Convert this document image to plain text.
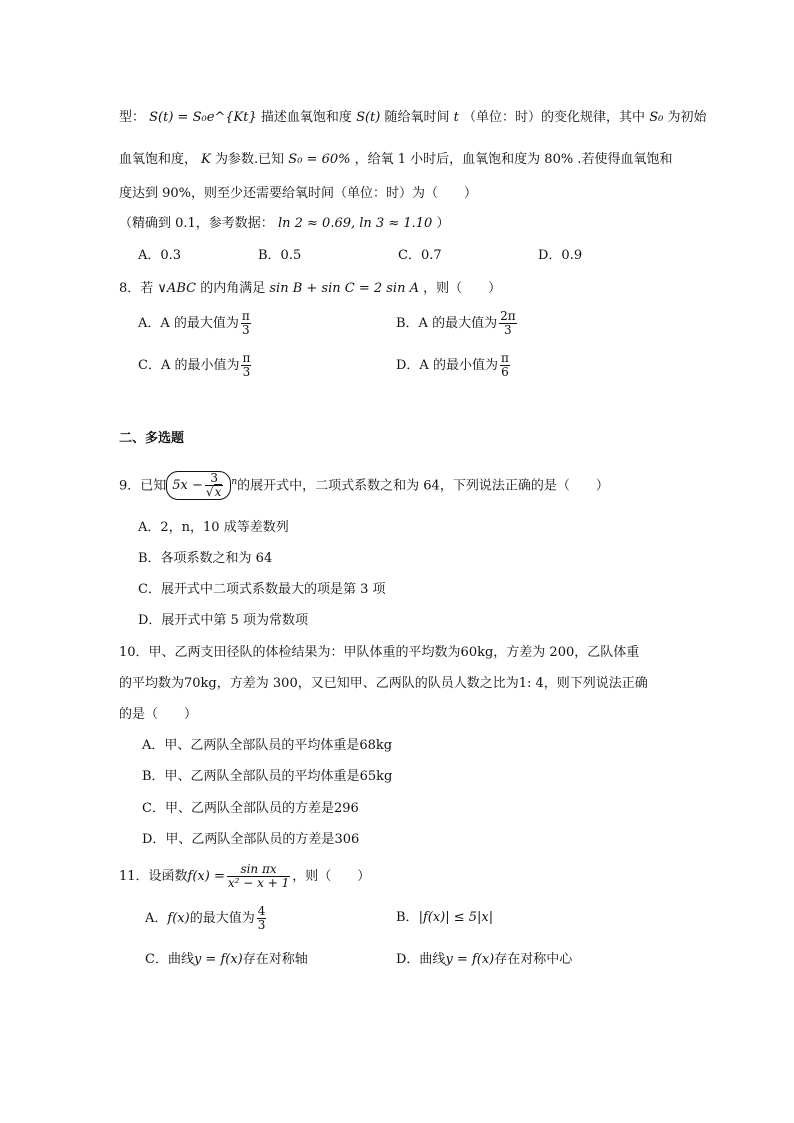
型： S(t) = S₀e^{Kt} 描述血氧饱和度 S(t) 随给氧时间 t （单位：时）的变化规律，其中 S₀ 为初始
血氧饱和度， K 为参数.已知 S₀ = 60% ，给氧 1 小时后，血氧饱和度为 80% .若使得血氧饱和
度达到 90%，则至少还需要给氧时间（单位：时）为（　　）
（精确到 0.1，参考数据： ln 2 ≈ 0.69, ln 3 ≈ 1.10 ）
A．0.3	B．0.5	C．0.7	D．0.9
8．若 ∨ABC 的内角满足 sin B + sin C = 2 sin A ，则（　　）
A．A 的最大值为 $\frac{\pi}{3}$	B．A 的最大值为 $\frac{2\pi}{3}$
C．A 的最小值为 $\frac{\pi}{3}$	D．A 的最小值为 $\frac{\pi}{6}$
二、多选题
9．已知 $5x - \frac{3}{√x} ^n$的展开式中，二项式系数之和为 64，下列说法正确的是（　　）
A．2，n，10 成等差数列
B．各项系数之和为 64
C．展开式中二项式系数最大的项是第 3 项
D．展开式中第 5 项为常数项
10．甲、乙两支田径队的体检结果为：甲队体重的平均数为60kg，方差为 200，乙队体重
的平均数为70kg，方差为 300，又已知甲、乙两队的队员人数之比为1: 4，则下列说法正确
的是（　　）
A．甲、乙两队全部队员的平均体重是68kg
B．甲、乙两队全部队员的平均体重是65kg
C．甲、乙两队全部队员的方差是296
D．甲、乙两队全部队员的方差是306
11．设函数$f(x) = \frac{\text{sin πx}}{\text{x² − x + 1}}$ ，则（　　）
A．f(x)的最大值为 $\frac{4}{3}$	B．|f(x)| ≤ 5|x|
C．曲线y = f(x)存在对称轴	D．曲线y = f(x)存在对称中心
